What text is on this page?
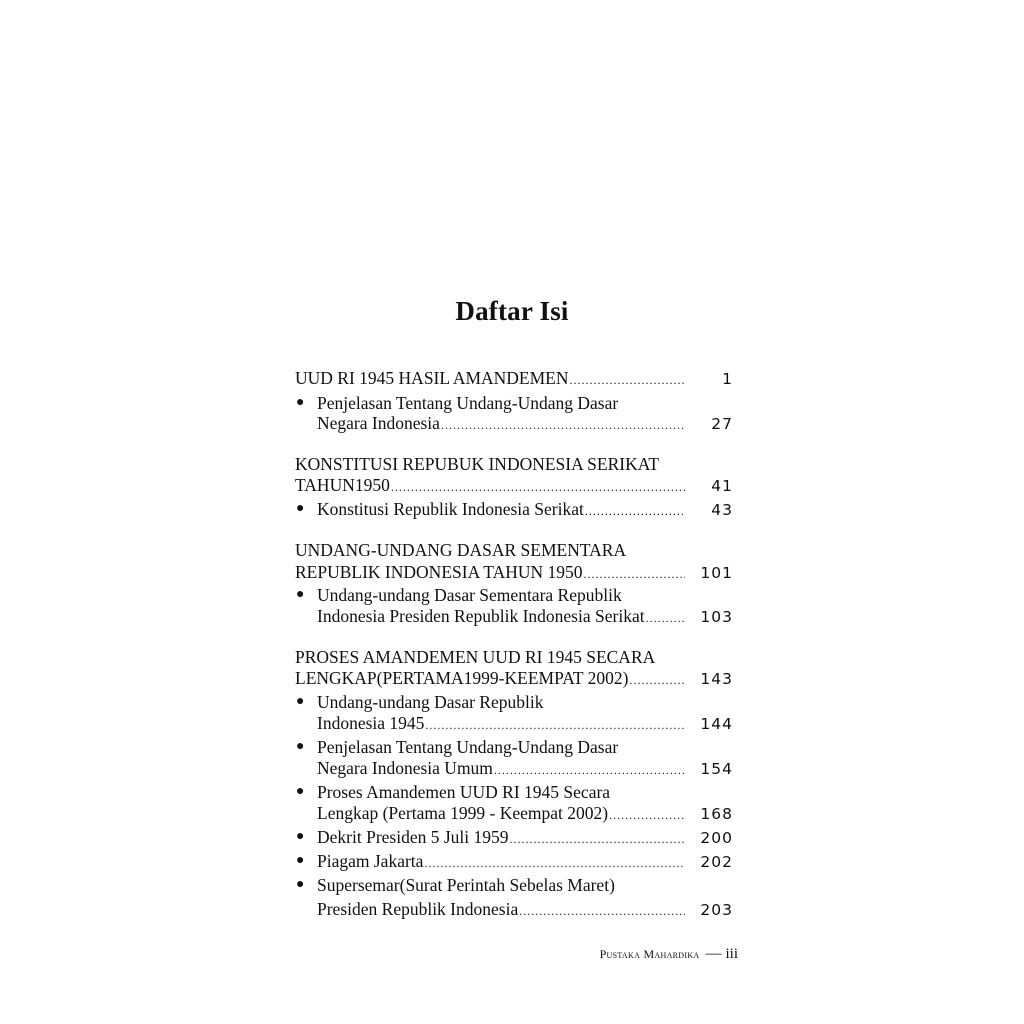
Daftar Isi
UUD RI 1945 HASIL AMANDEMEN .....	1
● Penjelasan Tentang Undang-Undang Dasar
Negara Indonesia .....	27
KONSTITUSI REPUBUK INDONESIA SERIKAT
TAHUN1950 .....	41
● Konstitusi Republik Indonesia Serikat .....	43
UNDANG-UNDANG DASAR SEMENTARA
REPUBLIK INDONESIA TAHUN 1950 .....	101
● Undang-undang Dasar Sementara Republik
Indonesia Presiden Republik Indonesia Serikat .....	103
PROSES AMANDEMEN UUD RI 1945 SECARA
LENGKAP(PERTAMA1999-KEEMPAT 2002) .....	143
● Undang-undang Dasar Republik
Indonesia 1945 .....	144
● Penjelasan Tentang Undang-Undang Dasar
Negara Indonesia Umum .....	154
● Proses Amandemen UUD RI 1945 Secara
Lengkap (Pertama 1999 - Keempat 2002) .....	168
● Dekrit Presiden 5 Juli 1959 .....	200
● Piagam Jakarta .....	202
● Supersemar(Surat Perintah Sebelas Maret)
Presiden Republik Indonesia .....	203
Pustaka Mahardika — iii
